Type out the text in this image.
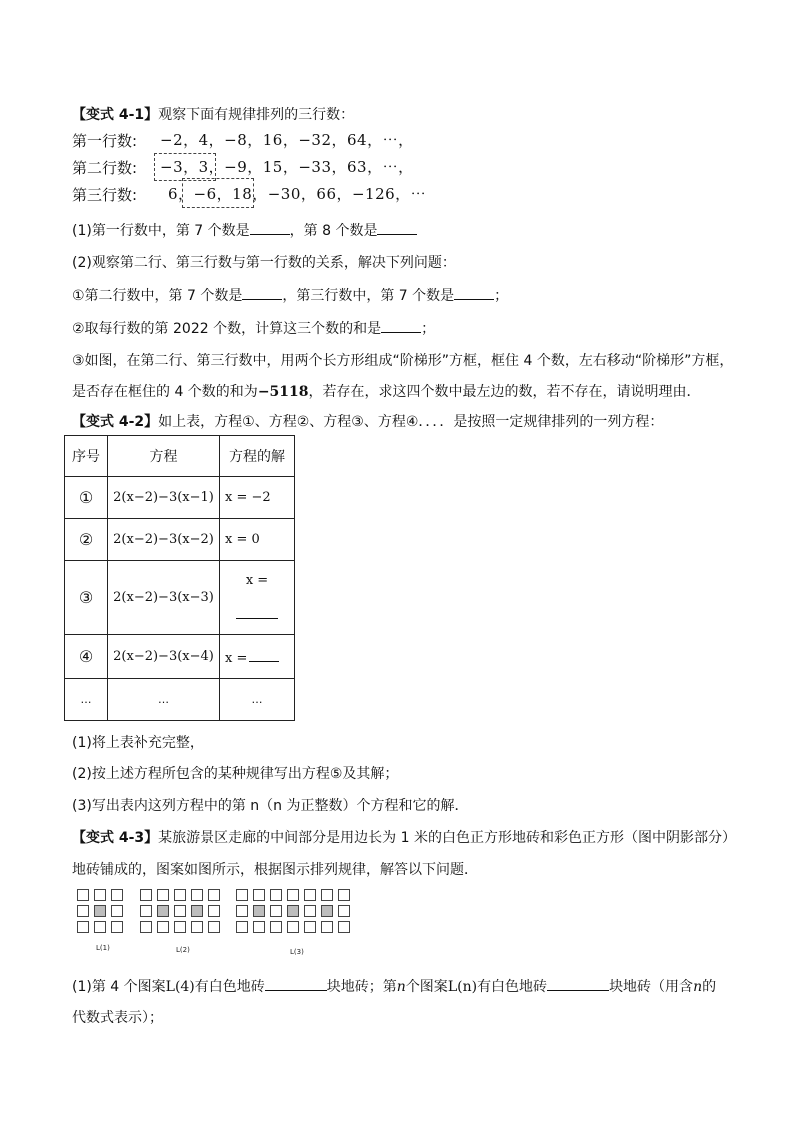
【变式 4-1】观察下面有规律排列的三行数：
第一行数: −2，4，−8，16，−32，64，⋯，
第二行数: −3，3，−9，15，−33，63，⋯，
第三行数: 6，−6，18，−30，66，−126，⋯
(1)第一行数中，第 7 个数是	，第 8 个数是
(2)观察第二行、第三行数与第一行数的关系，解决下列问题：
①第二行数中，第 7 个数是	，第三行数中，第 7 个数是	；
②取每行数的第 2022 个数，计算这三个数的和是	；
③如图，在第二行、第三行数中，用两个长方形组成“阶梯形”方框，框住 4 个数，左右移动“阶梯形”方框，
是否存在框住的 4 个数的和为−5118，若存在，求这四个数中最左边的数，若不存在，请说明理由．
【变式 4-2】如上表，方程①、方程②、方程③、方程④．．．．是按照一定规律排列的一列方程：
序号	方程	方程的解
①	2(x−2)−3(x−1)	x = −2
②	2(x−2)−3(x−2)	x = 0
③	2(x−2)−3(x−3)	x =

④	2(x−2)−3(x−4)	x =
…	…	…
(1)将上表补充完整，
(2)按上述方程所包含的某种规律写出方程⑤及其解；
(3)写出表内这列方程中的第 n（n 为正整数）个方程和它的解．
【变式 4-3】某旅游景区走廊的中间部分是用边长为 1 米的白色正方形地砖和彩色正方形（图中阴影部分）
地砖铺成的，图案如图所示，根据图示排列规律，解答以下问题．
L(1)	L(2)	L(3)
(1)第 4 个图案L(4)有白色地砖	块地砖；第n个图案L(n)有白色地砖	块地砖（用含n的
代数式表示）；
